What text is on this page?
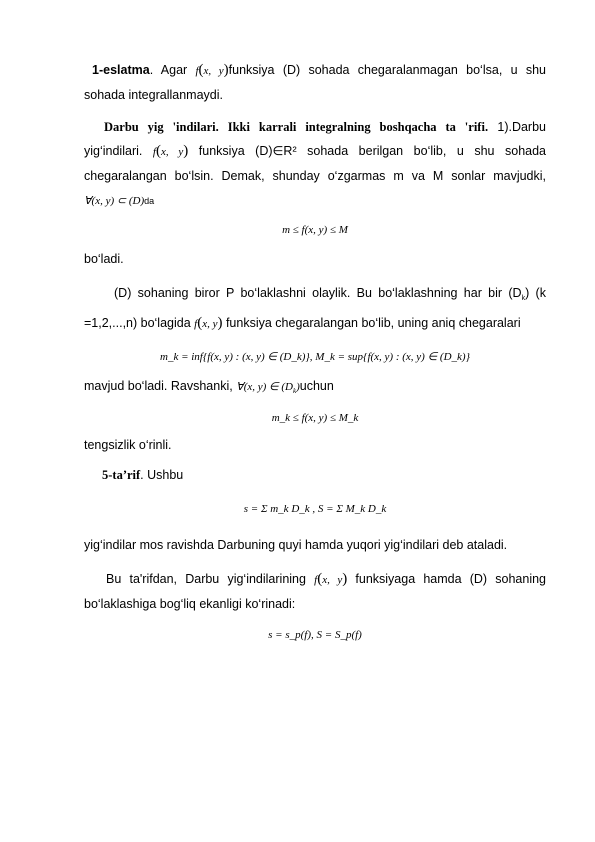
1-eslatma. Agar f(x, y)funksiya (D) sohada chegaralanmagan bo‘lsa, u shu sohada integrallanmaydi.
Darbu yig 'indilari. Ikki karrali integralning boshqacha ta 'rifi. 1).Darbu yig‘indilari. f(x, y) funksiya (D)∈R² sohada berilgan bo‘lib, u shu sohada chegaralangan bo‘lsin. Demak, shunday o‘zgarmas m va M sonlar mavjudki, ∀(x, y) ⊂ (D)da
m ≤ f(x, y) ≤ M
bo‘ladi.
(D) sohaning biror P bo‘laklashni olaylik. Bu bo‘laklashning har bir $(D_k)$ (k =1,2,...,n) bo‘lagida f(x, y) funksiya chegaralangan bo‘lib, uning aniq chegaralari
m_k = inf{f(x, y) : (x, y) ∈ (D_k)}, M_k = sup{f(x, y) : (x, y) ∈ (D_k)}
mavjud bo‘ladi. Ravshanki, ∀(x, y) ∈ $(D_k)uchun$
m_k ≤ f(x, y) ≤ M_k
tengsizlik o‘rinli.
5-ta’rif. Ushbu
s = Σ m_k D_k , S = Σ M_k D_k
yig‘indilar mos ravishda Darbuning quyi hamda yuqori yig‘indilari deb ataladi.
Bu ta'rifdan, Darbu yig‘indilarining f(x, y) funksiyaga hamda (D) sohaning bo‘laklashiga bog‘liq ekanligi ko‘rinadi:
s = s_p(f), S = S_p(f)
